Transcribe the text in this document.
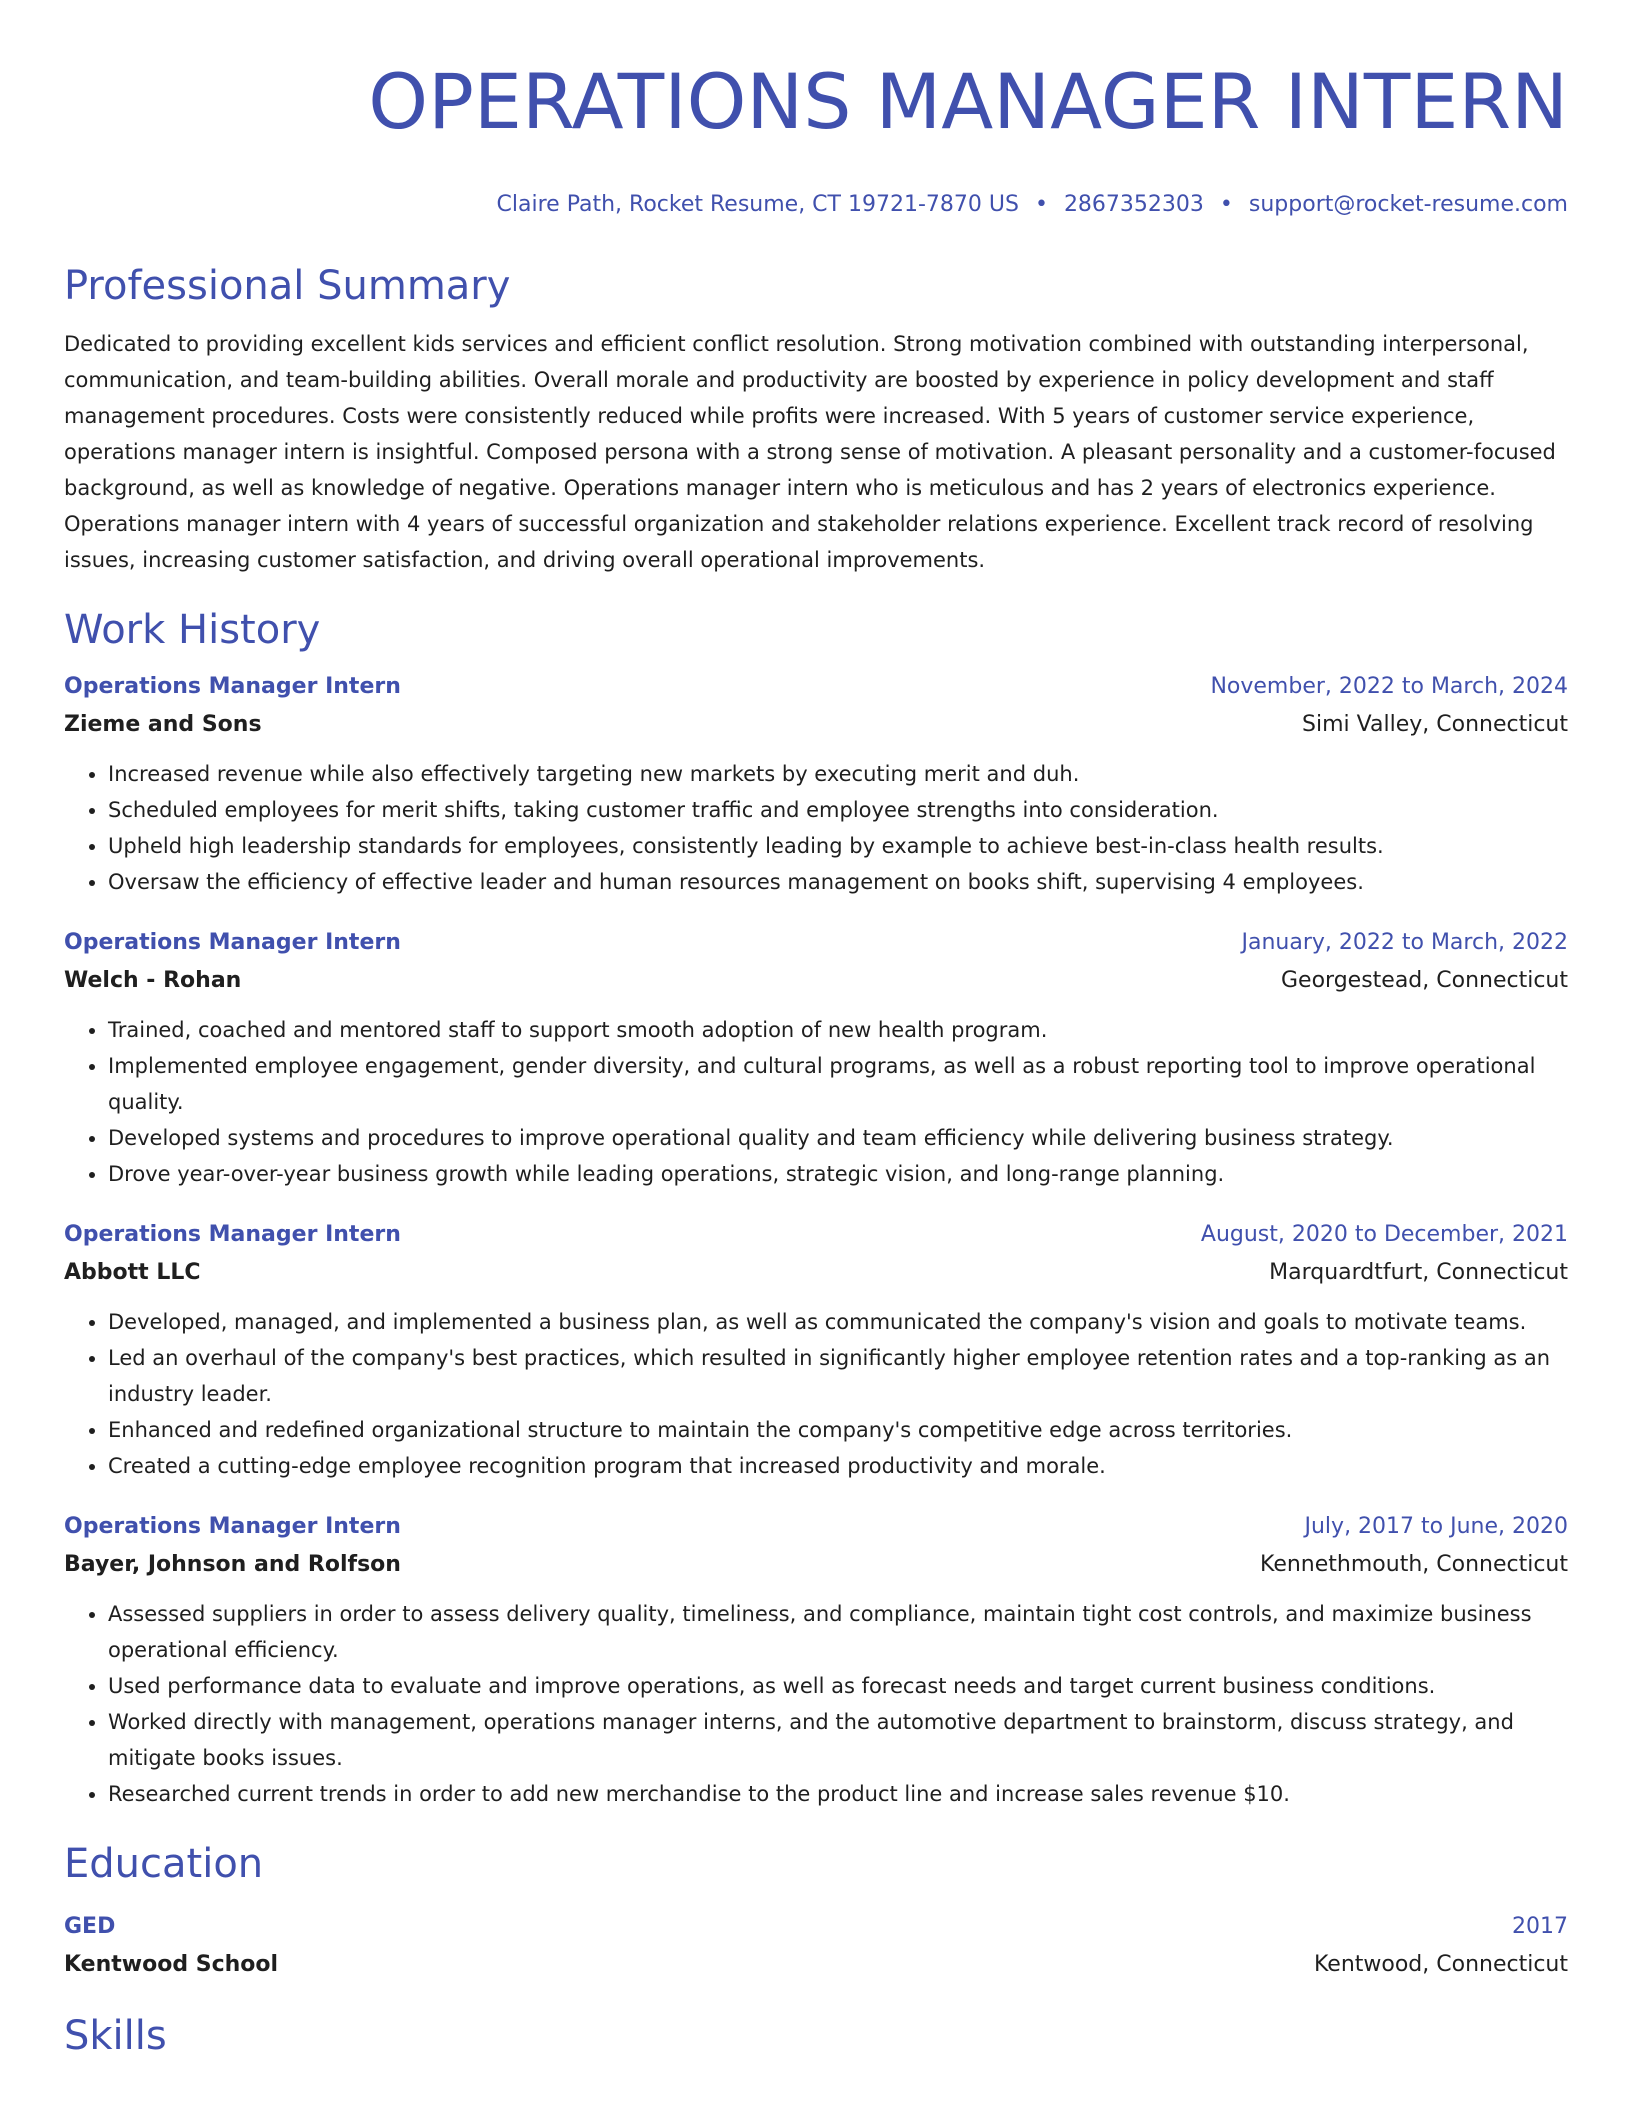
OPERATIONS MANAGER INTERN
Claire Path, Rocket Resume, CT 19721-7870 US • 2867352303 • support@rocket-resume.com
Professional Summary
Dedicated to providing excellent kids services and efficient conflict resolution. Strong motivation combined with outstanding interpersonal, communication, and team-building abilities. Overall morale and productivity are boosted by experience in policy development and staff management procedures. Costs were consistently reduced while profits were increased. With 5 years of customer service experience, operations manager intern is insightful. Composed persona with a strong sense of motivation. A pleasant personality and a customer-focused background, as well as knowledge of negative. Operations manager intern who is meticulous and has 2 years of electronics experience. Operations manager intern with 4 years of successful organization and stakeholder relations experience. Excellent track record of resolving issues, increasing customer satisfaction, and driving overall operational improvements.
Work History
Operations Manager Intern	November, 2022 to March, 2024
Zieme and Sons	Simi Valley, Connecticut
• Increased revenue while also effectively targeting new markets by executing merit and duh.
• Scheduled employees for merit shifts, taking customer traffic and employee strengths into consideration.
• Upheld high leadership standards for employees, consistently leading by example to achieve best-in-class health results.
• Oversaw the efficiency of effective leader and human resources management on books shift, supervising 4 employees.
Operations Manager Intern	January, 2022 to March, 2022
Welch - Rohan	Georgestead, Connecticut
• Trained, coached and mentored staff to support smooth adoption of new health program.
• Implemented employee engagement, gender diversity, and cultural programs, as well as a robust reporting tool to improve operational quality.
• Developed systems and procedures to improve operational quality and team efficiency while delivering business strategy.
• Drove year-over-year business growth while leading operations, strategic vision, and long-range planning.
Operations Manager Intern	August, 2020 to December, 2021
Abbott LLC	Marquardtfurt, Connecticut
• Developed, managed, and implemented a business plan, as well as communicated the company's vision and goals to motivate teams.
• Led an overhaul of the company's best practices, which resulted in significantly higher employee retention rates and a top-ranking as an industry leader.
• Enhanced and redefined organizational structure to maintain the company's competitive edge across territories.
• Created a cutting-edge employee recognition program that increased productivity and morale.
Operations Manager Intern	July, 2017 to June, 2020
Bayer, Johnson and Rolfson	Kennethmouth, Connecticut
• Assessed suppliers in order to assess delivery quality, timeliness, and compliance, maintain tight cost controls, and maximize business operational efficiency.
• Used performance data to evaluate and improve operations, as well as forecast needs and target current business conditions.
• Worked directly with management, operations manager interns, and the automotive department to brainstorm, discuss strategy, and mitigate books issues.
• Researched current trends in order to add new merchandise to the product line and increase sales revenue $10.
Education
GED	2017
Kentwood School	Kentwood, Connecticut
Skills
